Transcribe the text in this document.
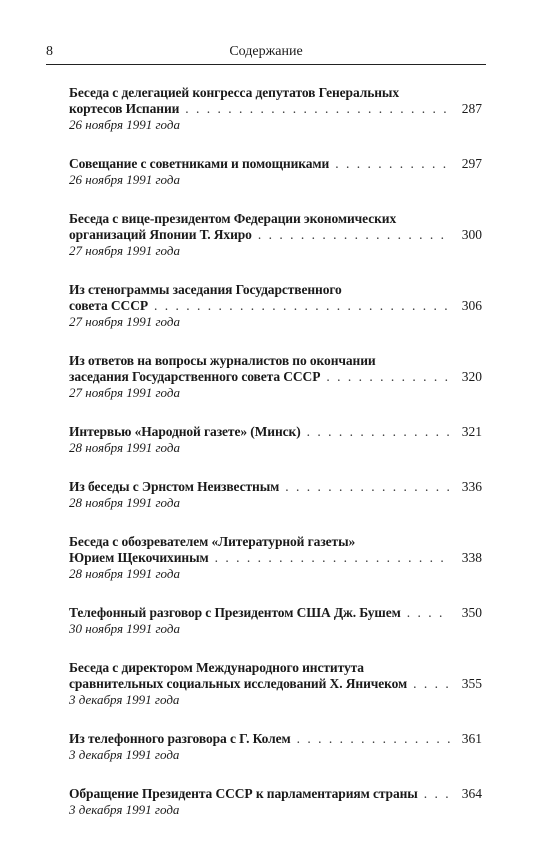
8	Содержание
Беседа с делегацией конгресса депутатов Генеральных
кортесов Испании . . .	287
26 ноября 1991 года
Совещание с советниками и помощниками . . .	297
26 ноября 1991 года
Беседа с вице-президентом Федерации экономических
организаций Японии Т. Яхиро . . .	300
27 ноября 1991 года
Из стенограммы заседания Государственного
совета СССР . . .	306
27 ноября 1991 года
Из ответов на вопросы журналистов по окончании
заседания Государственного совета СССР . . .	320
27 ноября 1991 года
Интервью «Народной газете» (Минск) . . .	321
28 ноября 1991 года
Из беседы с Эрнстом Неизвестным . . .	336
28 ноября 1991 года
Беседа с обозревателем «Литературной газеты»
Юрием Щекочихиным . . .	338
28 ноября 1991 года
Телефонный разговор с Президентом США Дж. Бушем . . .	350
30 ноября 1991 года
Беседа с директором Международного института
сравнительных социальных исследований Х. Яничеком . . .	355
3 декабря 1991 года
Из телефонного разговора с Г. Колем . . .	361
3 декабря 1991 года
Обращение Президента СССР к парламентариям страны . . .	364
3 декабря 1991 года
